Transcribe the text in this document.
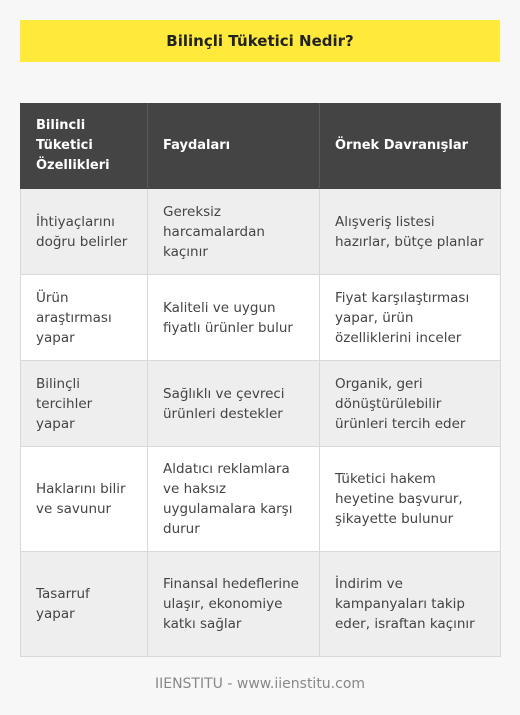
Bilinçli Tüketici Nedir?
Bilincli Tüketici Özellikleri	Faydaları	Örnek Davranışlar
İhtiyaçlarını doğru belirler	Gereksiz harcamalardan kaçınır	Alışveriş listesi hazırlar, bütçe planlar
Ürün araştırması yapar	Kaliteli ve uygun fiyatlı ürünler bulur	Fiyat karşılaştırması yapar, ürün özelliklerini inceler
Bilinçli tercihler yapar	Sağlıklı ve çevreci ürünleri destekler	Organik, geri dönüştürülebilir ürünleri tercih eder
Haklarını bilir ve savunur	Aldatıcı reklamlara ve haksız uygulamalara karşı durur	Tüketici hakem heyetine başvurur, şikayette bulunur
Tasarruf yapar	Finansal hedeflerine ulaşır, ekonomiye katkı sağlar	İndirim ve kampanyaları takip eder, israftan kaçınır
IIENSTITU - www.iienstitu.com
